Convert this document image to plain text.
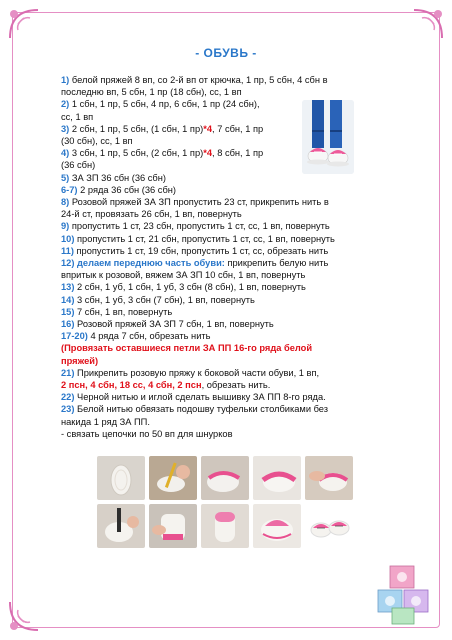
- ОБУВЬ -
1) белой пряжей 8 вп, со 2-й вп от крючка, 1 пр, 5 сбн, 4 сбн в
последню вп, 5 сбн, 1 пр (18 сбн), сс, 1 вп
2) 1 сбн, 1 пр, 5 сбн, 4 пр, 6 сбн, 1 пр (24 сбн),
сс, 1 вп
3) 2 сбн, 1 пр, 5 сбн, (1 сбн, 1 пр)*4, 7 сбн, 1 пр
(30 сбн), сс, 1 вп
4) 3 сбн, 1 пр, 5 сбн, (2 сбн, 1 пр)*4, 8 сбн, 1 пр
(36 сбн)
5) ЗА ЗП 36 сбн (36 сбн)
6-7) 2 ряда 36 сбн (36 сбн)
8) Розовой пряжей ЗА ЗП пропустить 23 ст, прикрепить нить в
24-й ст, провязать 26 сбн, 1 вп, повернуть
9) пропустить 1 ст, 23 сбн, пропустить 1 ст, сс, 1 вп, повернуть
10) пропустить 1 ст, 21 сбн, пропустить 1 ст, сс, 1 вп, повернуть
11) пропустить 1 ст, 19 сбн, пропустить 1 ст, сс, обрезать нить
12) делаем переднюю часть обуви: прикрепить белую нить
впритык к розовой, вяжем ЗА ЗП 10 сбн, 1 вп, повернуть
13) 2 сбн, 1 уб, 1 сбн, 1 уб, 3 сбн (8 сбн), 1 вп, повернуть
14) 3 сбн, 1 уб, 3 сбн (7 сбн), 1 вп, повернуть
15) 7 сбн, 1 вп, повернуть
16) Розовой пряжей ЗА ЗП 7 сбн, 1 вп, повернуть
17-20) 4 ряда 7 сбн, обрезать нить
(Провязать оставшиеся петли ЗА ПП 16-го ряда белой
пряжей)
21) Прикрепить розовую пряжу к боковой части обуви, 1 вп,
2 псн, 4 сбн, 18 сс, 4 сбн, 2 псн, обрезать нить.
22) Черной нитью и иглой сделать вышивку ЗА ПП 8-го ряда.
23) Белой нитью обвязать подошву туфельки столбиками без
накида 1 ряд ЗА ПП.
- связать цепочки по 50 вп для шнурков
